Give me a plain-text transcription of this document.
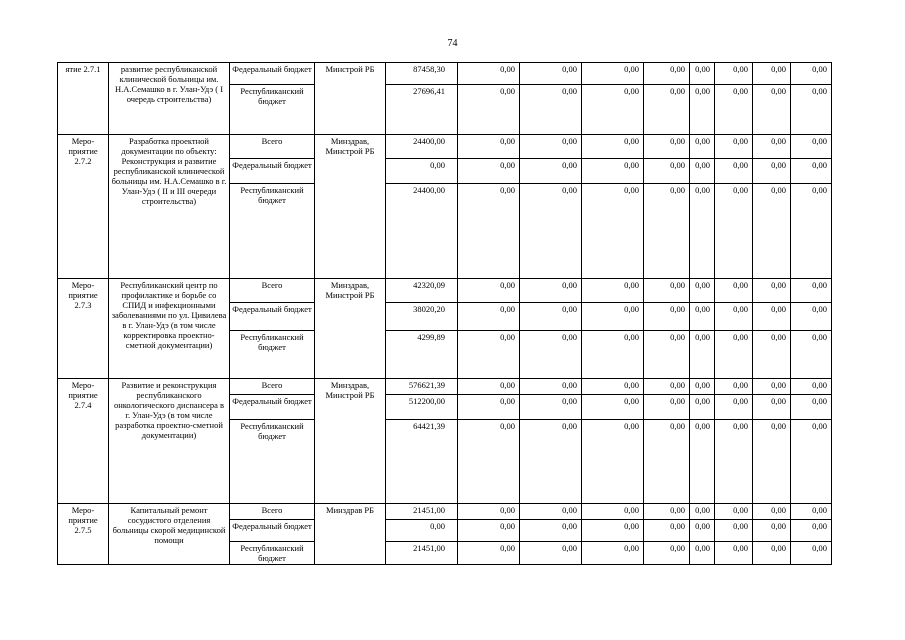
74
ятие 2.7.1	развитие республиканской клинической больницы им. Н.А.Семашко в г. Улан-Удэ ( I очередь строительства)	Федеральный бюджет	Минстрой РБ	87458,30	0,00	0,00	0,00	0,00	0,00	0,00	0,00	0,00
		Республиканский бюджет		27696,41	0,00	0,00	0,00	0,00	0,00	0,00	0,00	0,00
Меро-приятие 2.7.2	Разработка проектной документации по объекту: Реконструкция и развитие республиканской клинической больницы им. Н.А.Семашко в г. Улан-Удэ ( II и III очереди строительства)	Всего	Минздрав, Минстрой РБ	24400,00	0,00	0,00	0,00	0,00	0,00	0,00	0,00	0,00
		Федеральный бюджет		0,00	0,00	0,00	0,00	0,00	0,00	0,00	0,00	0,00
		Республиканский бюджет		24400,00	0,00	0,00	0,00	0,00	0,00	0,00	0,00	0,00
Меро-приятие 2.7.3	Республиканский центр по профилактике и борьбе со СПИД и инфекционными заболеваниями по ул. Цивилева в г. Улан-Удэ (в том числе корректировка проектно-сметной документации)	Всего	Минздрав, Минстрой РБ	42320,09	0,00	0,00	0,00	0,00	0,00	0,00	0,00	0,00
		Федеральный бюджет		38020,20	0,00	0,00	0,00	0,00	0,00	0,00	0,00	0,00
		Республиканский бюджет		4299,89	0,00	0,00	0,00	0,00	0,00	0,00	0,00	0,00
Меро-приятие 2.7.4	Развитие и реконструкция республиканского онкологического диспансера в г. Улан-Удэ (в том числе разработка проектно-сметной документации)	Всего	Минздрав, Минстрой РБ	576621,39	0,00	0,00	0,00	0,00	0,00	0,00	0,00	0,00
		Федеральный бюджет		512200,00	0,00	0,00	0,00	0,00	0,00	0,00	0,00	0,00
		Республиканский бюджет		64421,39	0,00	0,00	0,00	0,00	0,00	0,00	0,00	0,00
Меро-приятие 2.7.5	Капитальный ремонт сосудистого отделения больницы скорой медицинской помощи	Всего	Минздрав РБ	21451,00	0,00	0,00	0,00	0,00	0,00	0,00	0,00	0,00
		Федеральный бюджет		0,00	0,00	0,00	0,00	0,00	0,00	0,00	0,00	0,00
		Республиканский бюджет		21451,00	0,00	0,00	0,00	0,00	0,00	0,00	0,00	0,00
